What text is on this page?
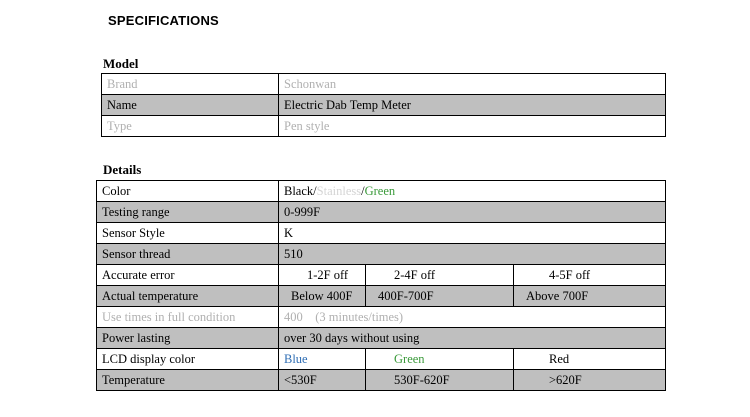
SPECIFICATIONS
Model
Brand	Schonwan
Name	Electric Dab Temp Meter
Type	Pen style
Details
Color	Black/Stainless/Green		
Testing range	0-999F		
Sensor Style	K		
Sensor thread	510		
Accurate error	1-2F off	2-4F off	4-5F off
Actual temperature	Below 400F	400F-700F	Above 700F
Use times in full condition	400 (3 minutes/times)		
Power lasting	over 30 days without using		
LCD display color	Blue	Green	Red
Temperature	<530F	530F-620F	>620F
